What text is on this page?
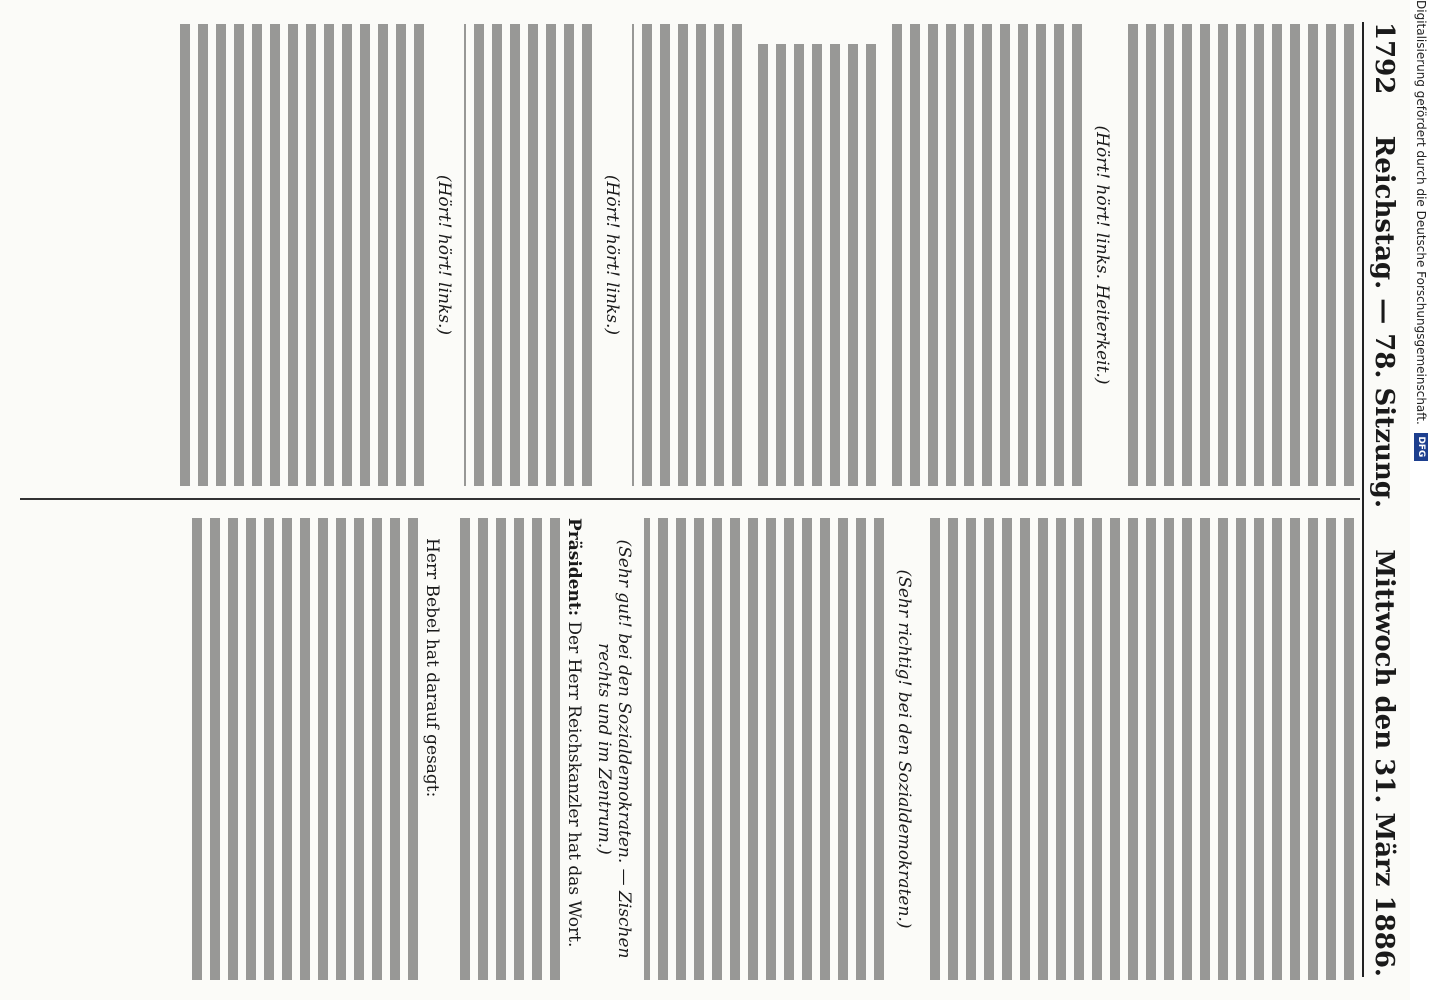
1792
Reichstag. — 78. Sitzung.
Mittwoch den 31. März 1886.
(Hört! hört! links. Heiterkeit.)
(Hört! hört! links.)
(Hört! hört! links.)
(Sehr richtig! bei den Sozialdemokraten.)
(Sehr gut! bei den Sozialdemokraten. — Zischen rechts und im Zentrum.)
Präsident: Der Herr Reichskanzler hat das Wort.
Herr Bebel hat darauf gesagt:
Digitalisierung gefördert durch die Deutsche Forschungsgemeinschaft.
DFG
